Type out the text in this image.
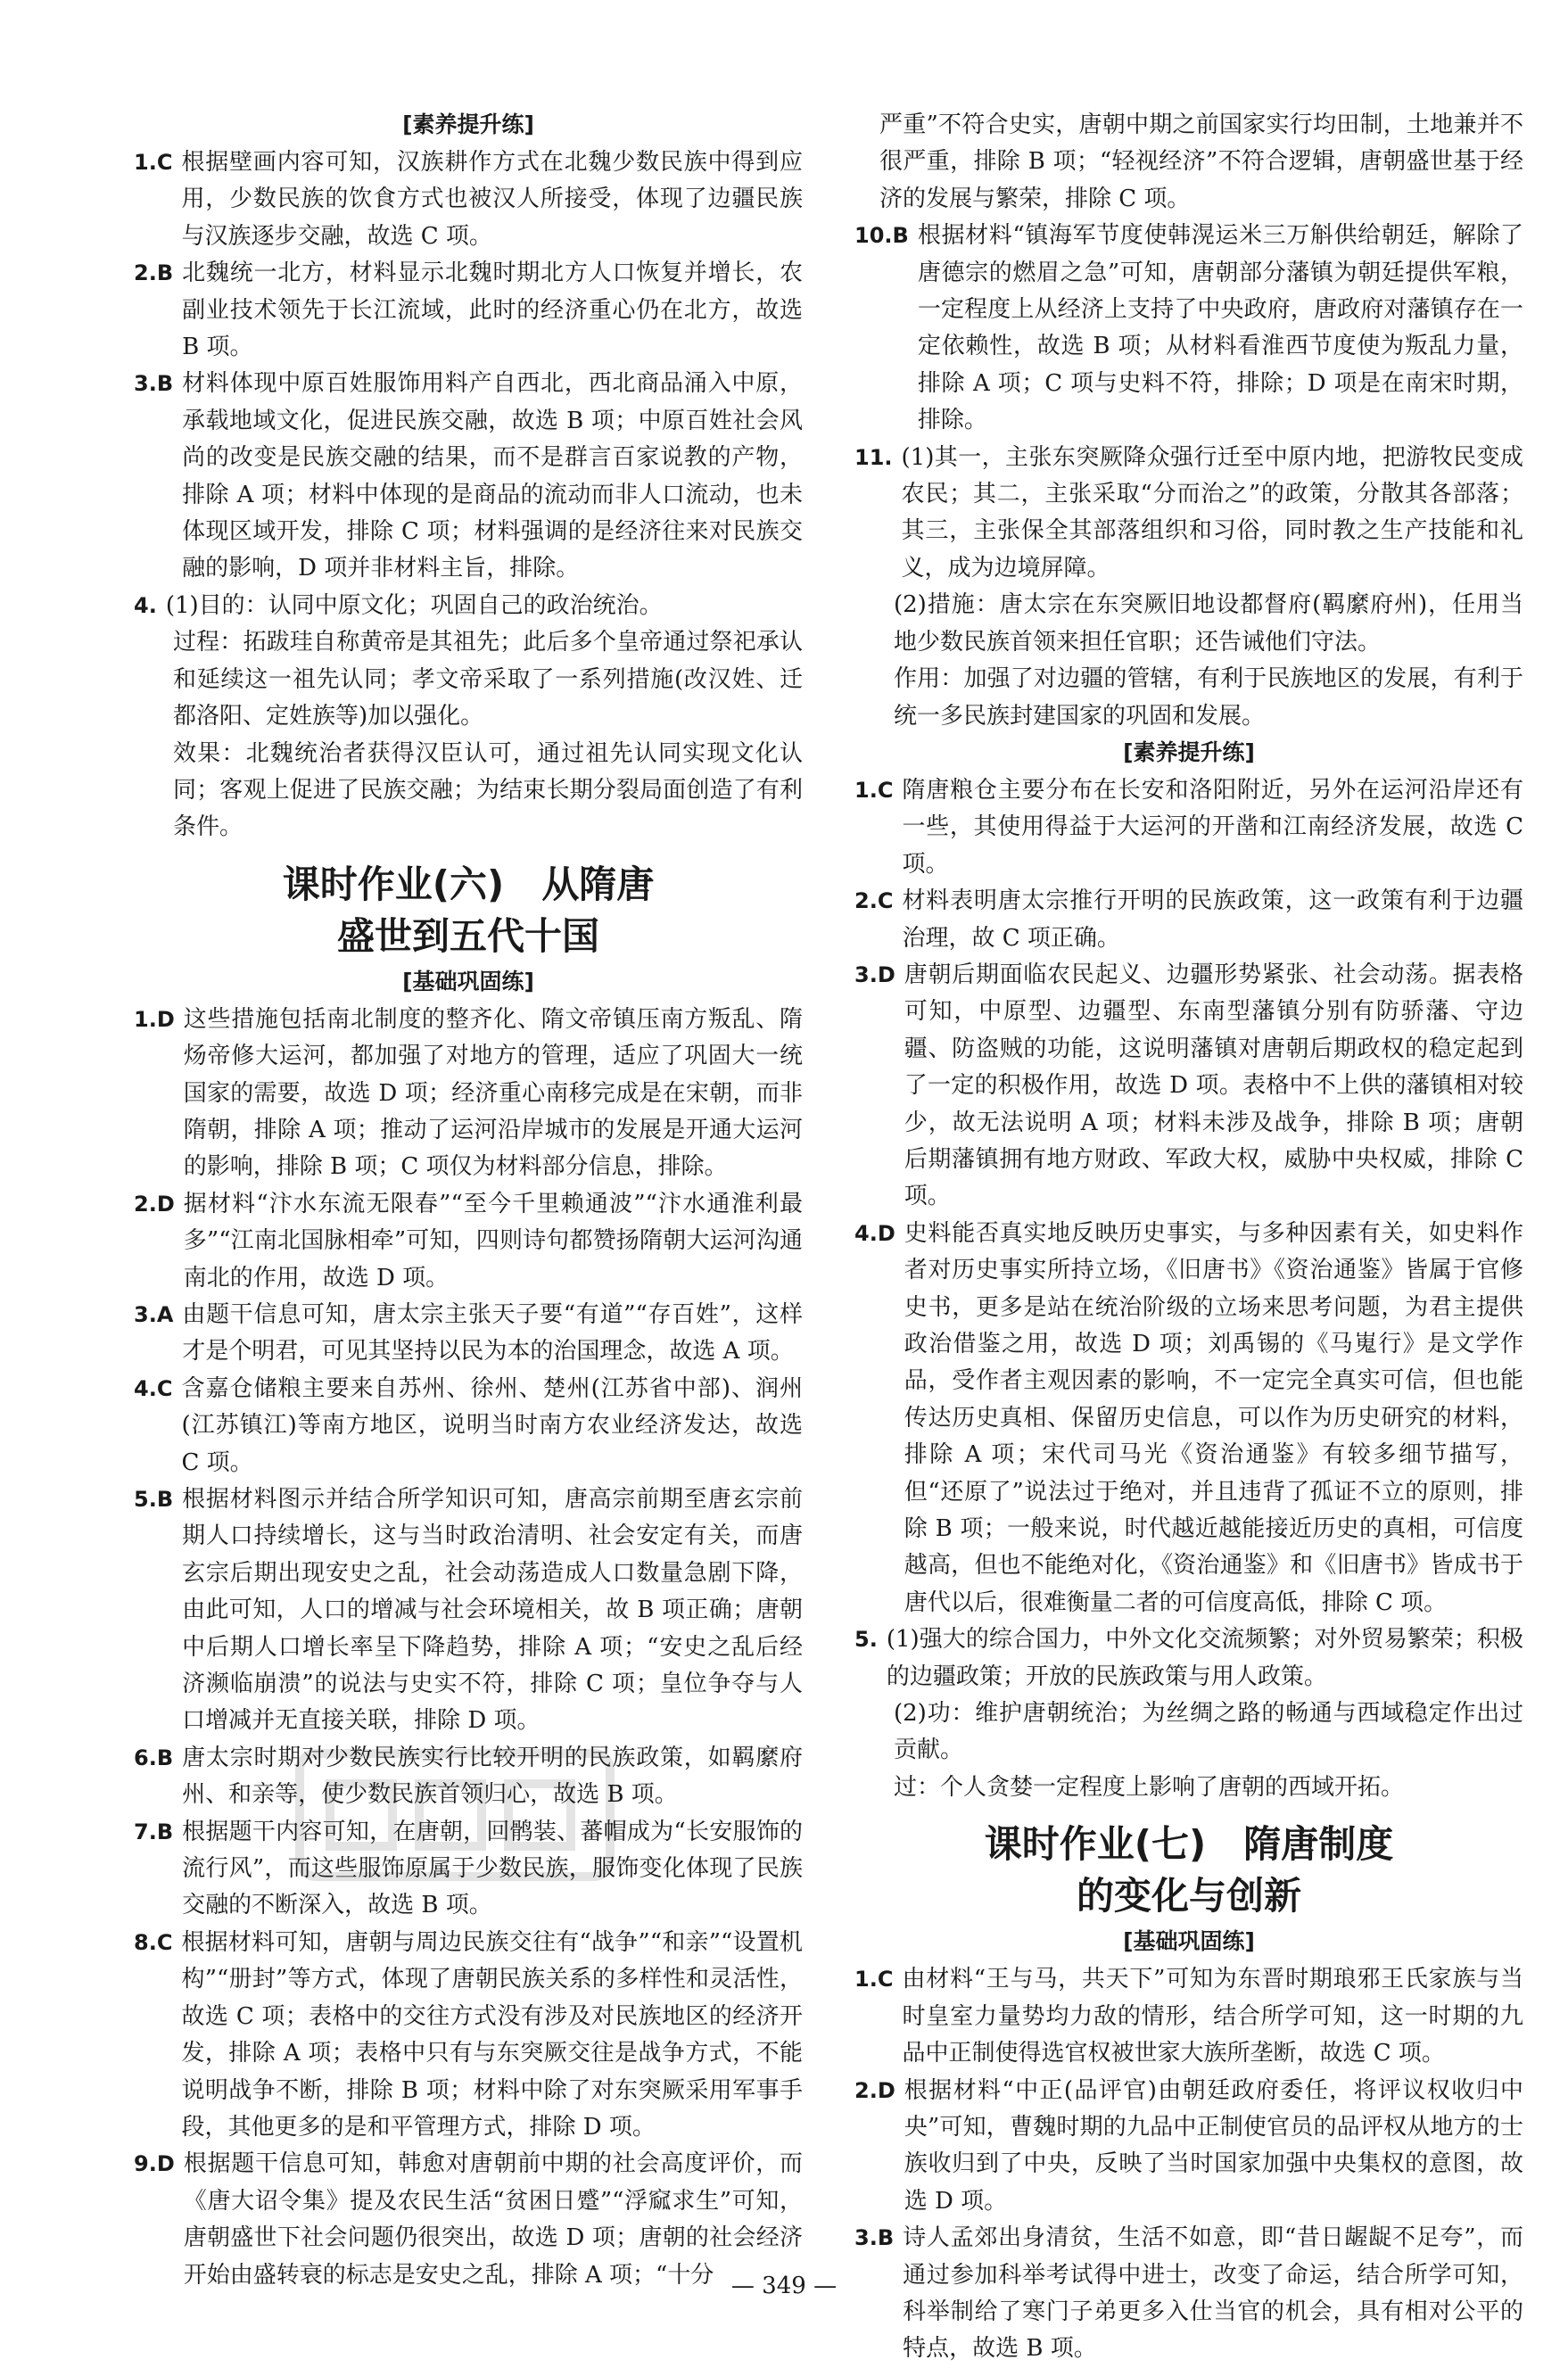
[素养提升练]
1.C 根据壁画内容可知，汉族耕作方式在北魏少数民族中得到应用，少数民族的饮食方式也被汉人所接受，体现了边疆民族与汉族逐步交融，故选 C 项。
2.B 北魏统一北方，材料显示北魏时期北方人口恢复并增长，农副业技术领先于长江流域，此时的经济重心仍在北方，故选 B 项。
3.B 材料体现中原百姓服饰用料产自西北，西北商品涌入中原，承载地域文化，促进民族交融，故选 B 项；中原百姓社会风尚的改变是民族交融的结果，而不是群言百家说教的产物，排除 A 项；材料中体现的是商品的流动而非人口流动，也未体现区域开发，排除 C 项；材料强调的是经济往来对民族交融的影响，D 项并非材料主旨，排除。
4. (1)目的：认同中原文化；巩固自己的政治统治。
过程：拓跋珪自称黄帝是其祖先；此后多个皇帝通过祭祀承认和延续这一祖先认同；孝文帝采取了一系列措施(改汉姓、迁都洛阳、定姓族等)加以强化。
效果：北魏统治者获得汉臣认可，通过祖先认同实现文化认同；客观上促进了民族交融；为结束长期分裂局面创造了有利条件。
课时作业(六)　从隋唐
盛世到五代十国
[基础巩固练]
1.D 这些措施包括南北制度的整齐化、隋文帝镇压南方叛乱、隋炀帝修大运河，都加强了对地方的管理，适应了巩固大一统国家的需要，故选 D 项；经济重心南移完成是在宋朝，而非隋朝，排除 A 项；推动了运河沿岸城市的发展是开通大运河的影响，排除 B 项；C 项仅为材料部分信息，排除。
2.D 据材料“汴水东流无限春”“至今千里赖通波”“汴水通淮利最多”“江南北国脉相牵”可知，四则诗句都赞扬隋朝大运河沟通南北的作用，故选 D 项。
3.A 由题干信息可知，唐太宗主张天子要“有道”“存百姓”，这样才是个明君，可见其坚持以民为本的治国理念，故选 A 项。
4.C 含嘉仓储粮主要来自苏州、徐州、楚州(江苏省中部)、润州(江苏镇江)等南方地区，说明当时南方农业经济发达，故选 C 项。
5.B 根据材料图示并结合所学知识可知，唐高宗前期至唐玄宗前期人口持续增长，这与当时政治清明、社会安定有关，而唐玄宗后期出现安史之乱，社会动荡造成人口数量急剧下降，由此可知，人口的增减与社会环境相关，故 B 项正确；唐朝中后期人口增长率呈下降趋势，排除 A 项；“安史之乱后经济濒临崩溃”的说法与史实不符，排除 C 项；皇位争夺与人口增减并无直接关联，排除 D 项。
6.B 唐太宗时期对少数民族实行比较开明的民族政策，如羁縻府州、和亲等，使少数民族首领归心，故选 B 项。
7.B 根据题干内容可知，在唐朝，回鹘装、蕃帽成为“长安服饰的流行风”，而这些服饰原属于少数民族，服饰变化体现了民族交融的不断深入，故选 B 项。
8.C 根据材料可知，唐朝与周边民族交往有“战争”“和亲”“设置机构”“册封”等方式，体现了唐朝民族关系的多样性和灵活性，故选 C 项；表格中的交往方式没有涉及对民族地区的经济开发，排除 A 项；表格中只有与东突厥交往是战争方式，不能说明战争不断，排除 B 项；材料中除了对东突厥采用军事手段，其他更多的是和平管理方式，排除 D 项。
9.D 根据题干信息可知，韩愈对唐朝前中期的社会高度评价，而《唐大诏令集》提及农民生活“贫困日蹙”“浮窳求生”可知，唐朝盛世下社会问题仍很突出，故选 D 项；唐朝的社会经济开始由盛转衰的标志是安史之乱，排除 A 项；“十分
严重”不符合史实，唐朝中期之前国家实行均田制，土地兼并不很严重，排除 B 项；“轻视经济”不符合逻辑，唐朝盛世基于经济的发展与繁荣，排除 C 项。
10.B 根据材料“镇海军节度使韩滉运米三万斛供给朝廷，解除了唐德宗的燃眉之急”可知，唐朝部分藩镇为朝廷提供军粮，一定程度上从经济上支持了中央政府，唐政府对藩镇存在一定依赖性，故选 B 项；从材料看淮西节度使为叛乱力量，排除 A 项；C 项与史料不符，排除；D 项是在南宋时期，排除。
11. (1)其一，主张东突厥降众强行迁至中原内地，把游牧民变成农民；其二，主张采取“分而治之”的政策，分散其各部落；其三，主张保全其部落组织和习俗，同时教之生产技能和礼义，成为边境屏障。
(2)措施：唐太宗在东突厥旧地设都督府(羁縻府州)，任用当地少数民族首领来担任官职；还告诫他们守法。
作用：加强了对边疆的管辖，有利于民族地区的发展，有利于统一多民族封建国家的巩固和发展。
[素养提升练]
1.C 隋唐粮仓主要分布在长安和洛阳附近，另外在运河沿岸还有一些，其使用得益于大运河的开凿和江南经济发展，故选 C 项。
2.C 材料表明唐太宗推行开明的民族政策，这一政策有利于边疆治理，故 C 项正确。
3.D 唐朝后期面临农民起义、边疆形势紧张、社会动荡。据表格可知，中原型、边疆型、东南型藩镇分别有防骄藩、守边疆、防盗贼的功能，这说明藩镇对唐朝后期政权的稳定起到了一定的积极作用，故选 D 项。表格中不上供的藩镇相对较少，故无法说明 A 项；材料未涉及战争，排除 B 项；唐朝后期藩镇拥有地方财政、军政大权，威胁中央权威，排除 C 项。
4.D 史料能否真实地反映历史事实，与多种因素有关，如史料作者对历史事实所持立场，《旧唐书》《资治通鉴》皆属于官修史书，更多是站在统治阶级的立场来思考问题，为君主提供政治借鉴之用，故选 D 项；刘禹锡的《马嵬行》是文学作品，受作者主观因素的影响，不一定完全真实可信，但也能传达历史真相、保留历史信息，可以作为历史研究的材料，排除 A 项；宋代司马光《资治通鉴》有较多细节描写，但“还原了”说法过于绝对，并且违背了孤证不立的原则，排除 B 项；一般来说，时代越近越能接近历史的真相，可信度越高，但也不能绝对化，《资治通鉴》和《旧唐书》皆成书于唐代以后，很难衡量二者的可信度高低，排除 C 项。
5. (1)强大的综合国力，中外文化交流频繁；对外贸易繁荣；积极的边疆政策；开放的民族政策与用人政策。
(2)功：维护唐朝统治；为丝绸之路的畅通与西域稳定作出过贡献。
过：个人贪婪一定程度上影响了唐朝的西域开拓。
课时作业(七)　隋唐制度
的变化与创新
[基础巩固练]
1.C 由材料“王与马，共天下”可知为东晋时期琅邪王氏家族与当时皇室力量势均力敌的情形，结合所学可知，这一时期的九品中正制使得选官权被世家大族所垄断，故选 C 项。
2.D 根据材料“中正(品评官)由朝廷政府委任，将评议权收归中央”可知，曹魏时期的九品中正制使官员的品评权从地方的士族收归到了中央，反映了当时国家加强中央集权的意图，故选 D 项。
3.B 诗人孟郊出身清贫，生活不如意，即“昔日龌龊不足夸”，而通过参加科举考试得中进士，改变了命运，结合所学可知，科举制给了寒门子弟更多入仕当官的机会，具有相对公平的特点，故选 B 项。
— 349 —
